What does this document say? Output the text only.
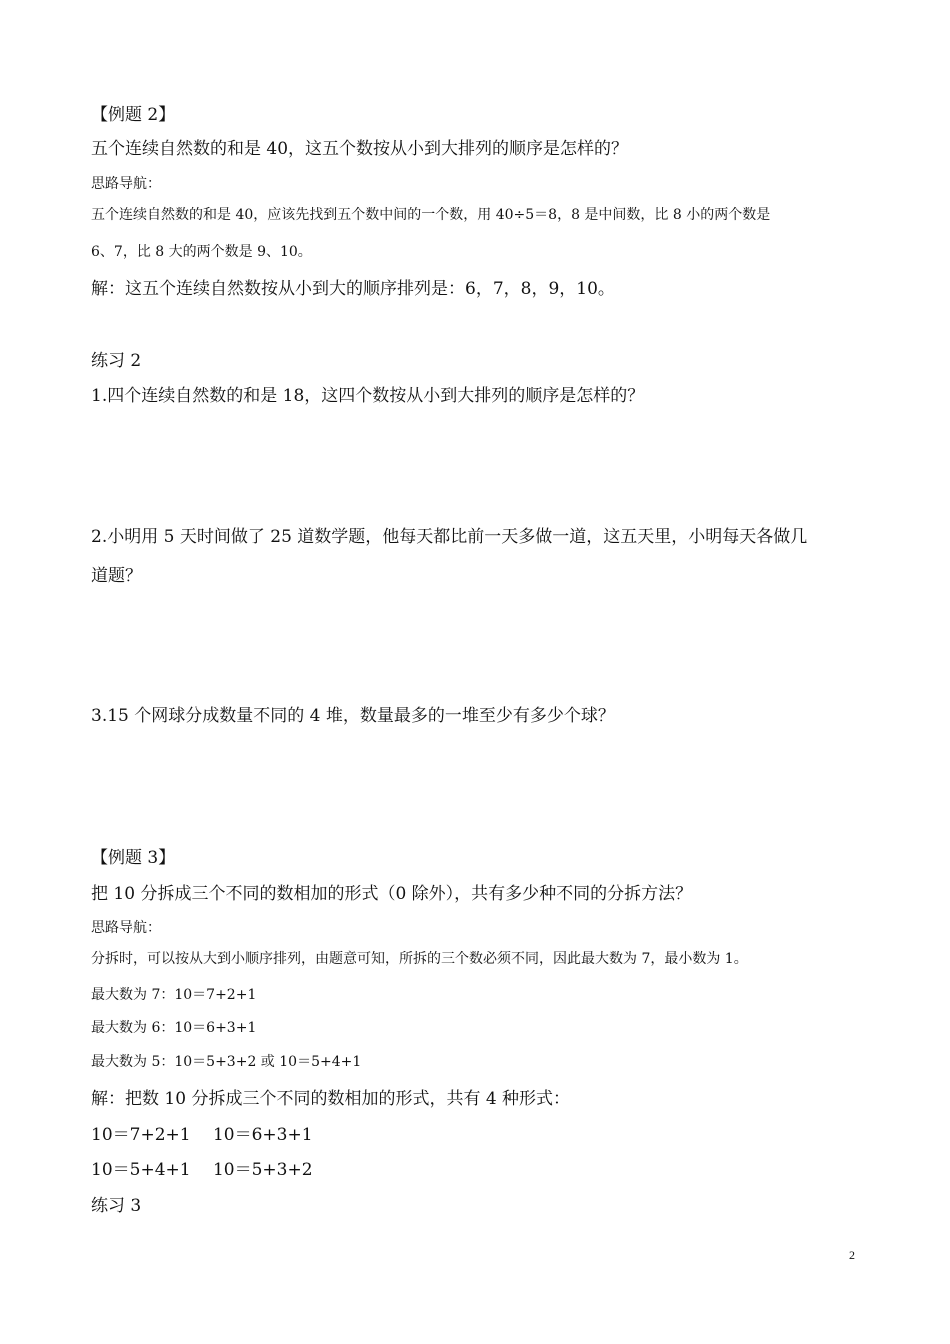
【例题 2】
五个连续自然数的和是 40，这五个数按从小到大排列的顺序是怎样的？
思路导航：
五个连续自然数的和是 40，应该先找到五个数中间的一个数，用 40÷5＝8，8 是中间数，比 8 小的两个数是
6、7，比 8 大的两个数是 9、10。
解：这五个连续自然数按从小到大的顺序排列是：6，7，8，9，10。
练习 2
1.四个连续自然数的和是 18，这四个数按从小到大排列的顺序是怎样的？
2.小明用 5 天时间做了 25 道数学题，他每天都比前一天多做一道，这五天里，小明每天各做几
道题？
3.15 个网球分成数量不同的 4 堆，数量最多的一堆至少有多少个球？
【例题 3】
把 10 分拆成三个不同的数相加的形式（0 除外），共有多少种不同的分拆方法？
思路导航：
分拆时，可以按从大到小顺序排列，由题意可知，所拆的三个数必须不同，因此最大数为 7，最小数为 1。
最大数为 7：10＝7+2+1
最大数为 6：10＝6+3+1
最大数为 5：10＝5+3+2 或 10＝5+4+1
解：把数 10 分拆成三个不同的数相加的形式，共有 4 种形式：
10＝7+2+1　 10＝6+3+1
10＝5+4+1　 10＝5+3+2
练习 3
2
